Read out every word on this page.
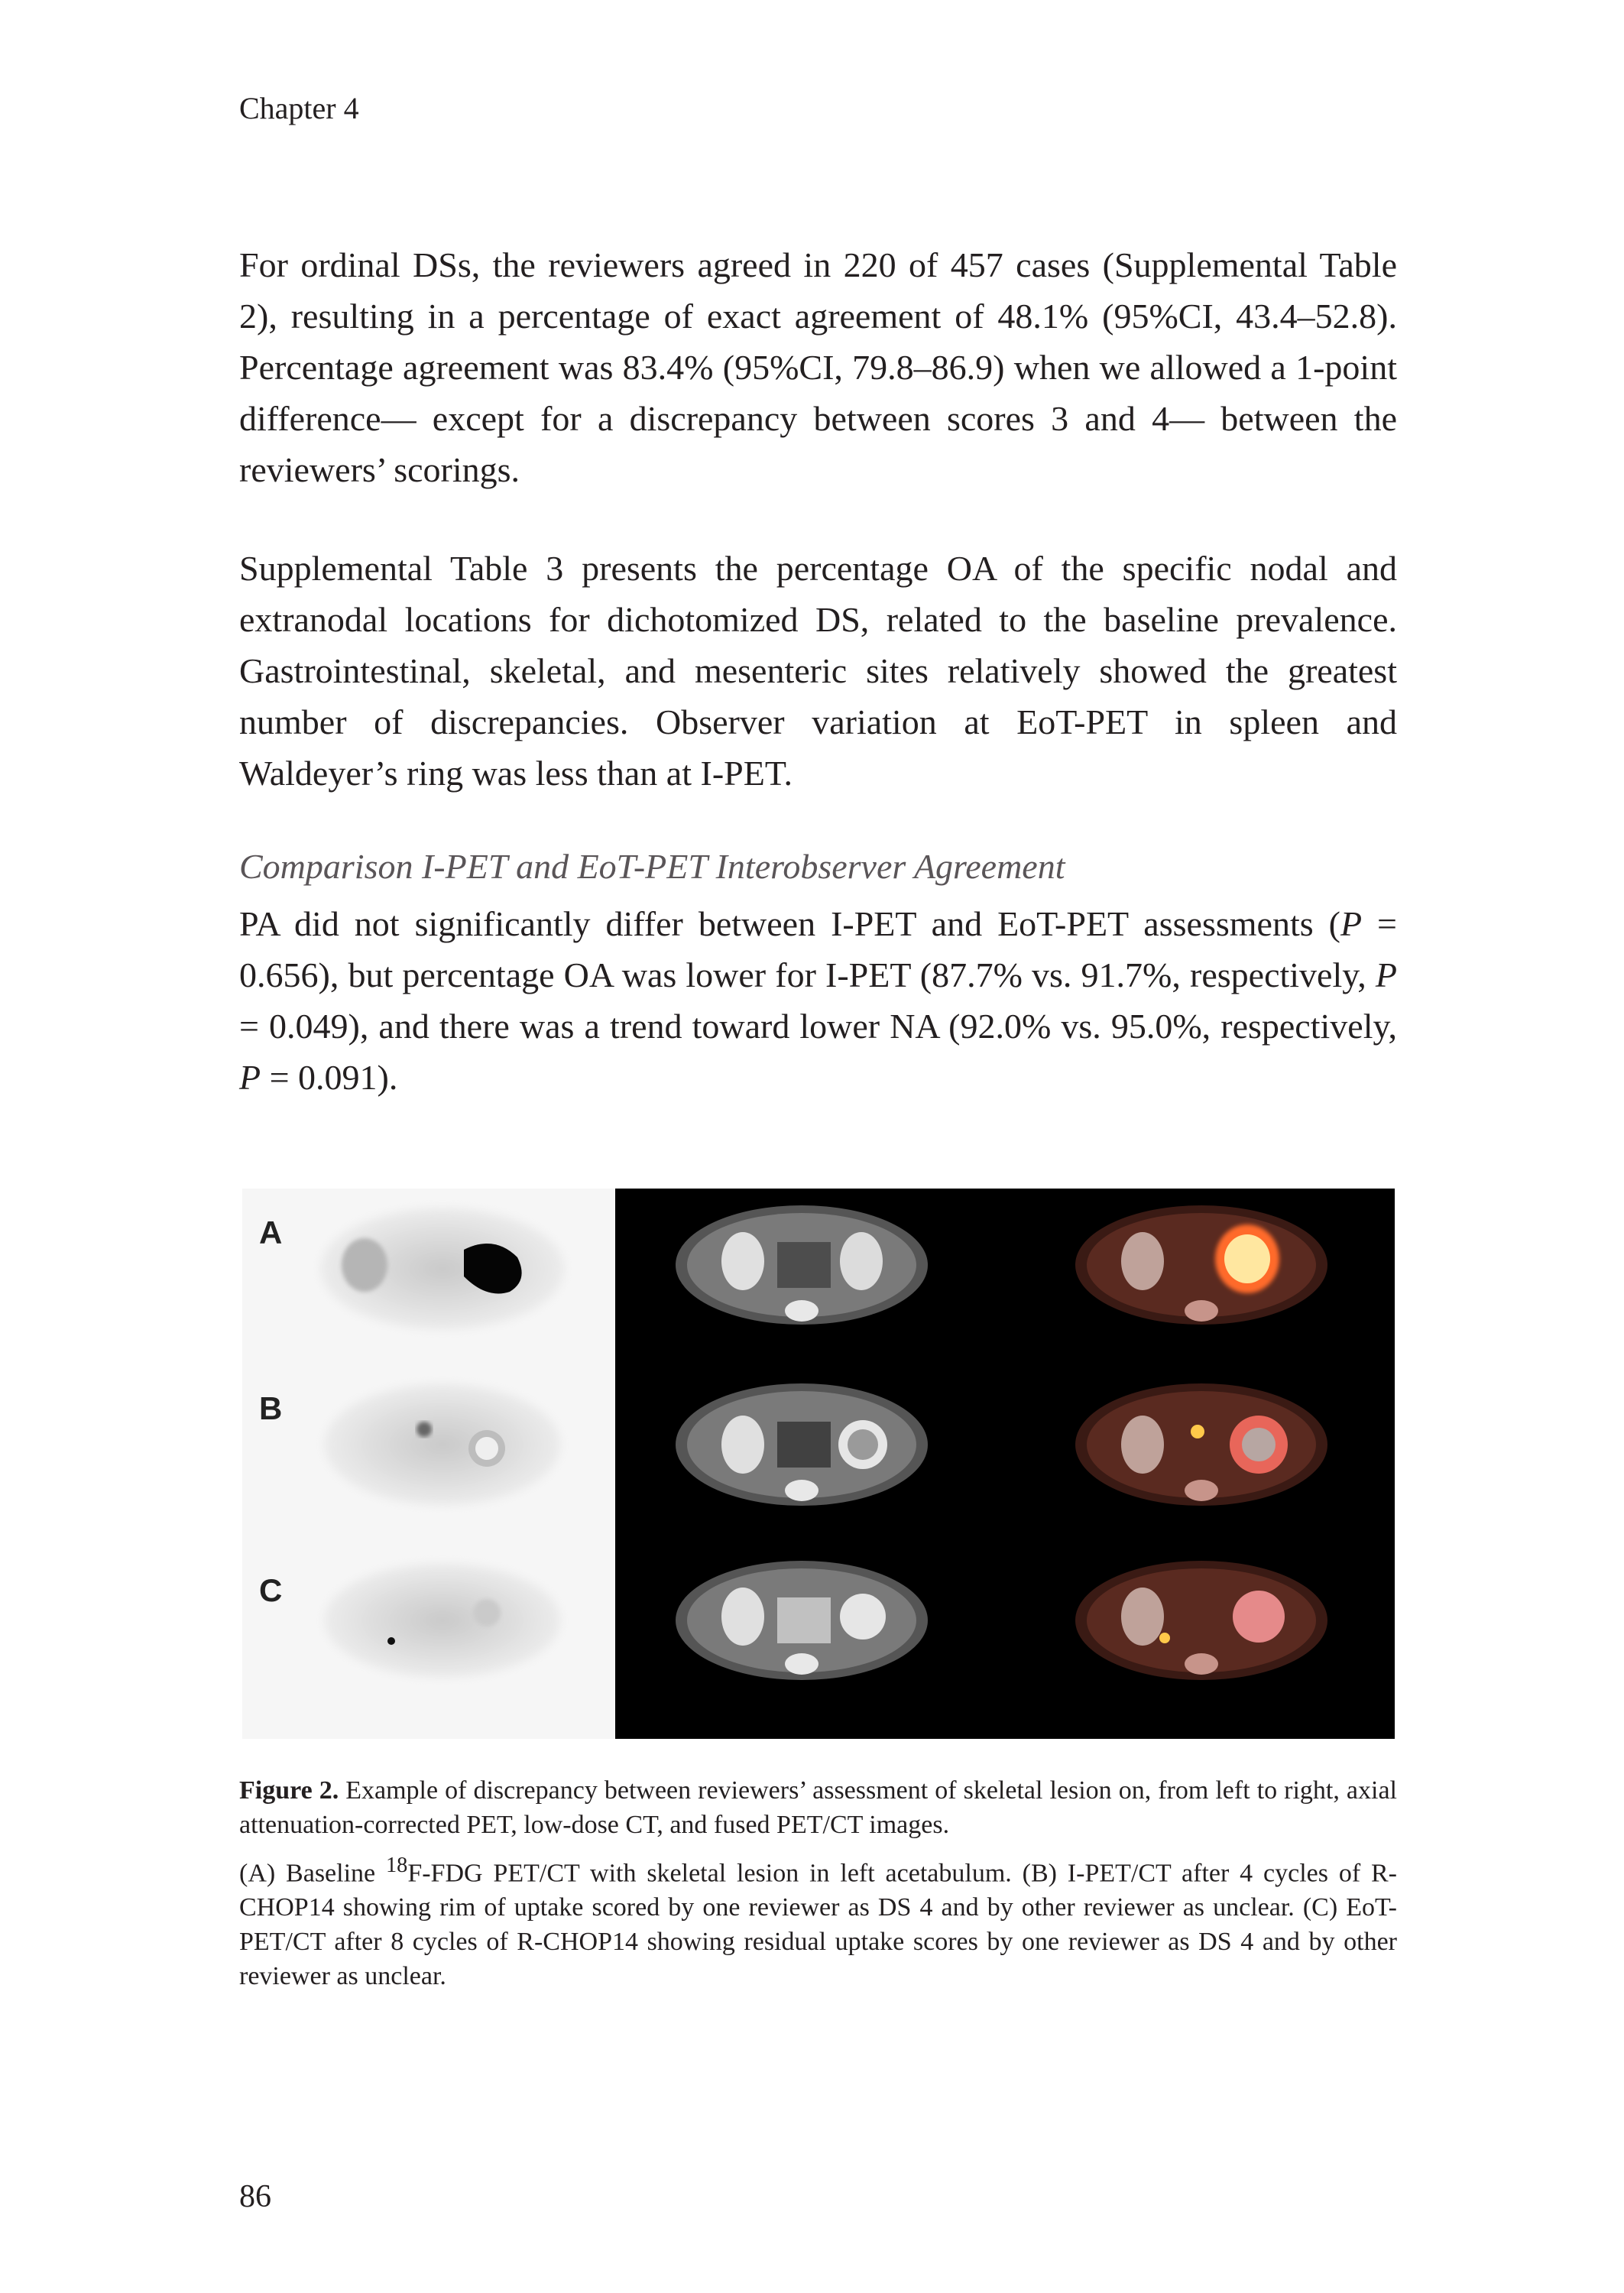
Chapter 4

For ordinal DSs, the reviewers agreed in 220 of 457 cases (Supplemental Table 2), resulting in a percentage of exact agreement of 48.1% (95%CI, 43.4–52.8). Percentage agreement was 83.4% (95%CI, 79.8–86.9) when we allowed a 1-point difference— except for a discrepancy between scores 3 and 4— between the reviewers’ scorings.

Supplemental Table 3 presents the percentage OA of the specific nodal and extranodal locations for dichotomized DS, related to the baseline prevalence. Gastrointestinal, skeletal, and mesenteric sites relatively showed the greatest number of discrepancies. Observer variation at EoT-PET in spleen and Waldeyer’s ring was less than at I-PET.

Comparison I-PET and EoT-PET Interobserver Agreement

PA did not significantly differ between I-PET and EoT-PET assessments (P = 0.656), but percentage OA was lower for I-PET (87.7% vs. 91.7%, respectively, P = 0.049), and there was a trend toward lower NA (92.0% vs. 95.0%, respectively, P = 0.091).

A
B
C

Figure 2. Example of discrepancy between reviewers’ assessment of skeletal lesion on, from left to right, axial attenuation-corrected PET, low-dose CT, and fused PET/CT images.

(A) Baseline $^{18}$F-FDG PET/CT with skeletal lesion in left acetabulum. (B) I-PET/CT after 4 cycles of R-CHOP14 showing rim of uptake scored by one reviewer as DS 4 and by other reviewer as unclear. (C) EoT-PET/CT after 8 cycles of R-CHOP14 showing residual uptake scores by one reviewer as DS 4 and by other reviewer as unclear.

86
